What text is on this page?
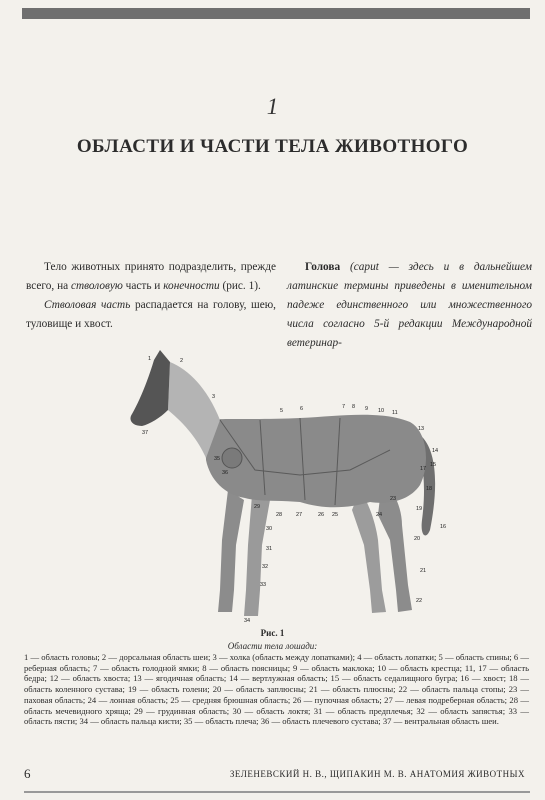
1
ОБЛАСТИ И ЧАСТИ ТЕЛА ЖИВОТНОГО

Тело животных принято подразделить, прежде всего, на стволовую часть и конечности (рис. 1).

Стволовая часть распадается на голову, шею, туловище и хвост.

Голова (caput — здесь и в дальнейшем латинские термины приведены в именительном падеже единственного или множественного числа согласно 5-й редакции Международной ветеринар-

1	2
3
37
5	6	7 8 9 10 11
13
14
15
16
17
18
19
20
21
22
23
24
25
26
27
28
29
30
31
32
33
34
35
36
Рис. 1
Области тела лошади:
1 — область головы; 2 — дорсальная область шеи; 3 — холка (область между лопатками); 4 — область лопатки; 5 — область спины; 6 — реберная область; 7 — область голодной ямки; 8 — область поясницы; 9 — область маклока; 10 — область крестца; 11, 17 — область бедра; 12 — область хвоста; 13 — ягодичная область; 14 — вертлужная область; 15 — область седалищного бугра; 16 — хвост; 18 — область коленного сустава; 19 — область голени; 20 — область заплюсны; 21 — область плюсны; 22 — область пальца стопы; 23 — паховая область; 24 — лонная область; 25 — средняя брюшная область; 26 — пупочная область; 27 — левая подреберная область; 28 — область мечевидного хряща; 29 — грудинная область; 30 — область локтя; 31 — область предплечья; 32 — область запястья; 33 — область пясти; 34 — область пальца кисти; 35 — область плеча; 36 — область плечевого сустава; 37 — вентральная область шеи.
6	ЗЕЛЕНЕВСКИЙ Н. В., ЩИПАКИН М. В. АНАТОМИЯ ЖИВОТНЫХ
